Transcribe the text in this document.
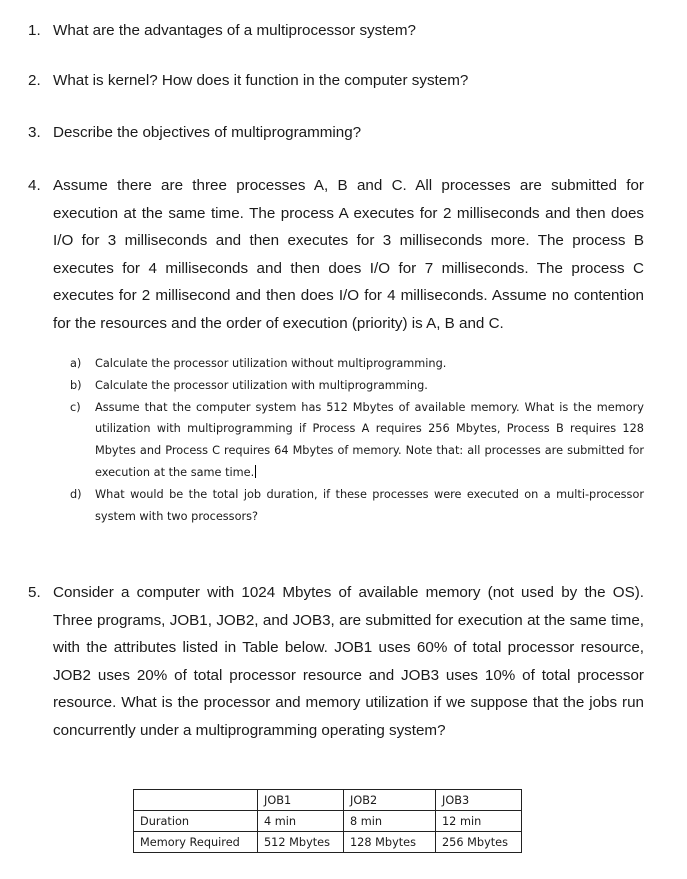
1. What are the advantages of a multiprocessor system?
2. What is kernel? How does it function in the computer system?
3. Describe the objectives of multiprogramming?
4. Assume there are three processes A, B and C. All processes are submitted for execution at the same time. The process A executes for 2 milliseconds and then does I/O for 3 milliseconds and then executes for 3 milliseconds more. The process B executes for 4 milliseconds and then does I/O for 7 milliseconds. The process C executes for 2 millisecond and then does I/O for 4 milliseconds. Assume no contention for the resources and the order of execution (priority) is A, B and C.
a)	Calculate the processor utilization without multiprogramming.
b)	Calculate the processor utilization with multiprogramming.
c)	Assume that the computer system has 512 Mbytes of available memory. What is the memory utilization with multiprogramming if Process A requires 256 Mbytes, Process B requires 128 Mbytes and Process C requires 64 Mbytes of memory. Note that: all processes are submitted for execution at the same time.
d)	What would be the total job duration, if these processes were executed on a multi-processor system with two processors?
5. Consider a computer with 1024 Mbytes of available memory (not used by the OS). Three programs, JOB1, JOB2, and JOB3, are submitted for execution at the same time, with the attributes listed in Table below. JOB1 uses 60% of total processor resource, JOB2 uses 20% of total processor resource and JOB3 uses 10% of total processor resource. What is the processor and memory utilization if we suppose that the jobs run concurrently under a multiprogramming operating system?
	JOB1	JOB2	JOB3
Duration	4 min	8 min	12 min
Memory Required	512 Mbytes	128 Mbytes	256 Mbytes
